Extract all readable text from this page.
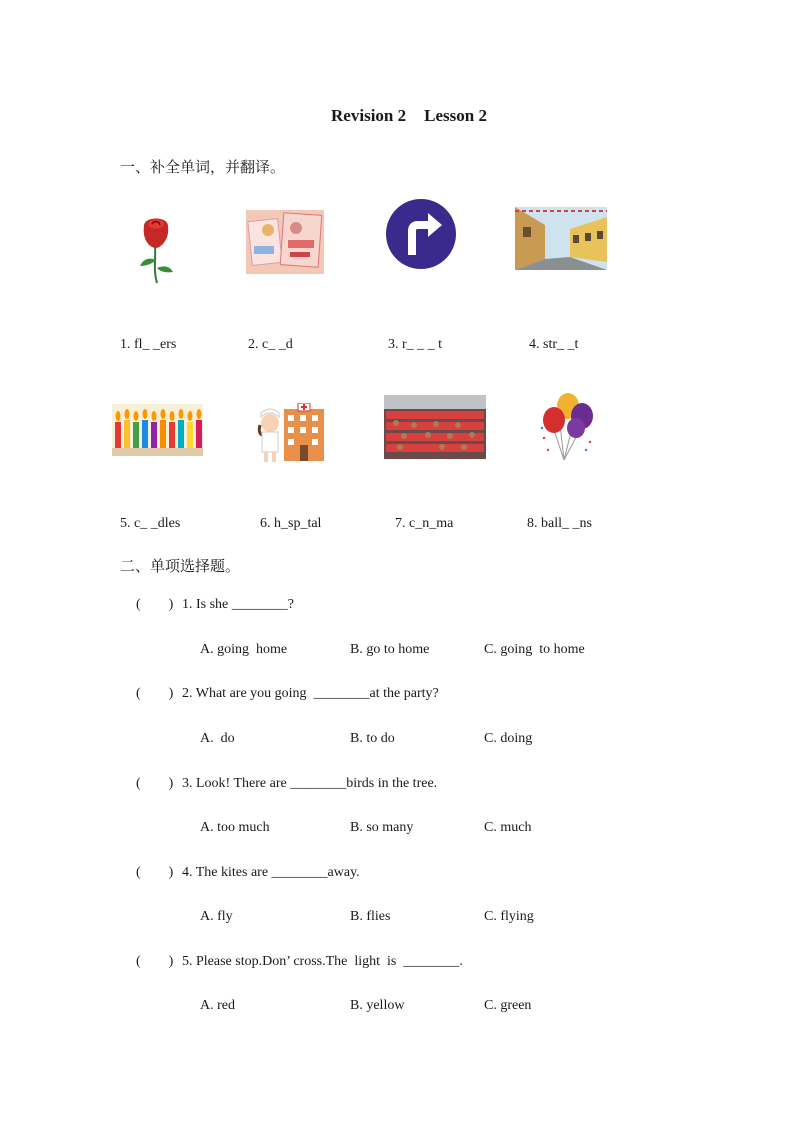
Revision 2 Lesson 2
一、补全单词，并翻译。
1. fl_ _ers	2. c_ _d	3. r_ _ _ t	4. str_ _t
5. c_ _dles	6. h_sp_tal	7. c_n_ma	8. ball_ _ns
二、单项选择题。
(        ) 1. Is she ________?
A. going  home	B. go to home	C. going  to home
(        ) 2. What are you going  ________at the party?
A.  do	B. to do	C. doing
(        ) 3. Look! There are ________birds in the tree.
A. too much	B. so many	C. much
(        ) 4. The kites are ________away.
A. fly	B. flies	C. flying
(        ) 5. Please stop.Don’ cross.The  light  is  ________.
A. red	B. yellow	C. green
